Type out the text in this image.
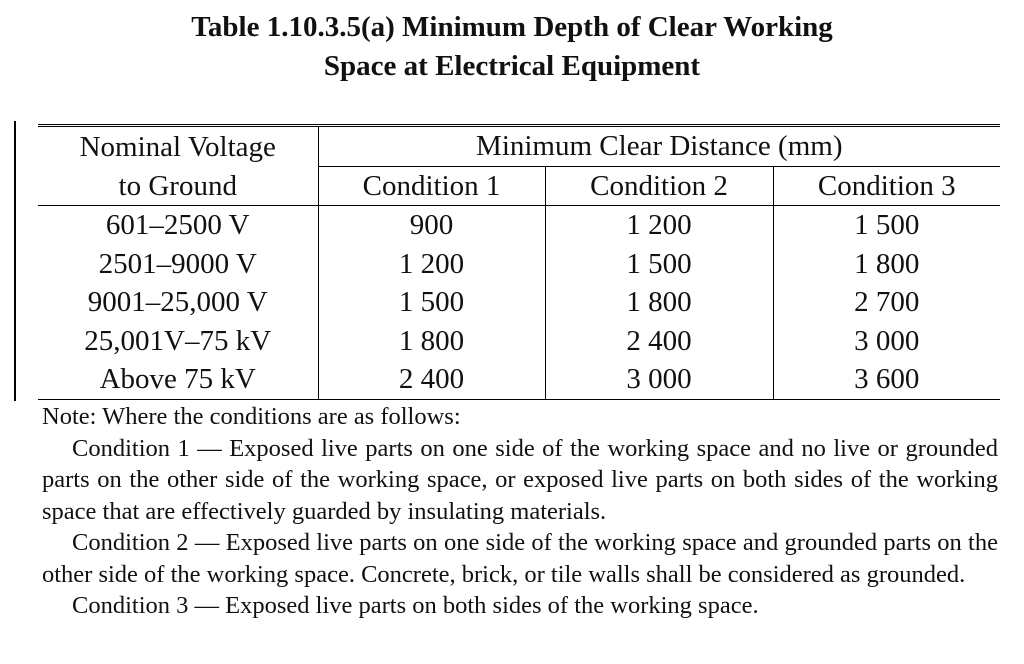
Table 1.10.3.5(a) Minimum Depth of Clear Working
Space at Electrical Equipment
Nominal Voltage	Minimum Clear Distance (mm)		
to Ground	Condition 1	Condition 2	Condition 3
601–2500 V	900	1 200	1 500
2501–9000 V	1 200	1 500	1 800
9001–25,000 V	1 500	1 800	2 700
25,001V–75 kV	1 800	2 400	3 000
Above 75 kV	2 400	3 000	3 600

Note: Where the conditions are as follows:

Condition 1 — Exposed live parts on one side of the working space and no live or grounded parts on the other side of the working space, or exposed live parts on both sides of the working space that are effectively guarded by insulating materials.

Condition 2 — Exposed live parts on one side of the working space and grounded parts on the other side of the working space. Concrete, brick, or tile walls shall be considered as grounded.

Condition 3 — Exposed live parts on both sides of the working space.
